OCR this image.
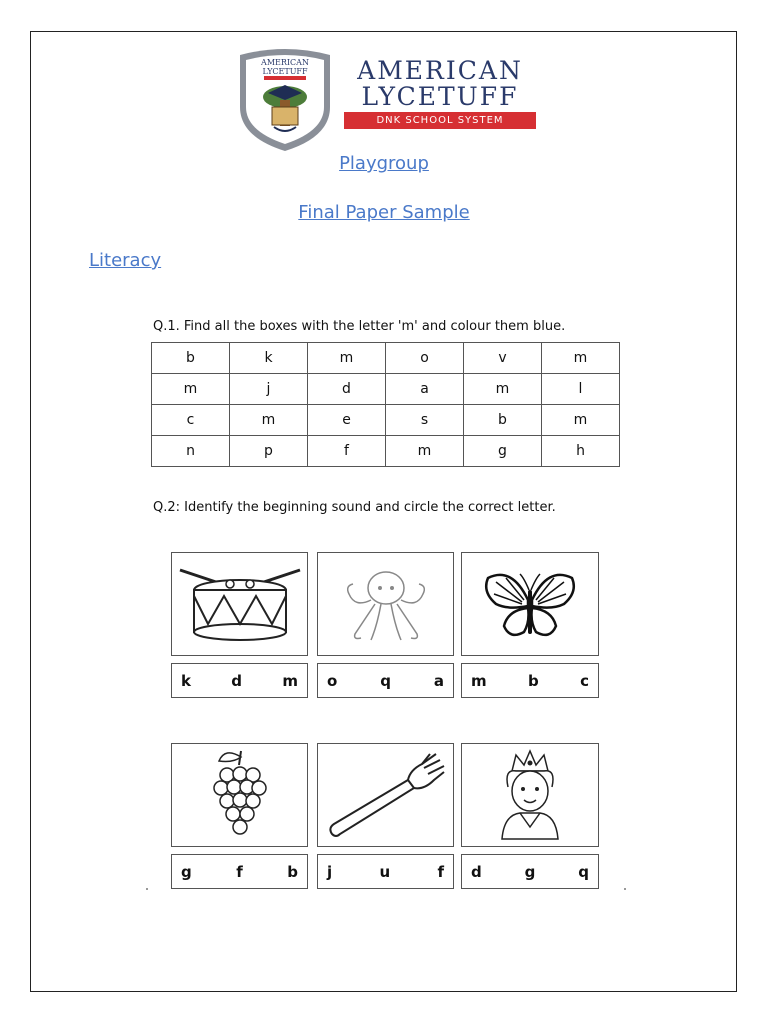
AMERICAN
LYCETUFF	AMERICAN
LYCETUFF
DNK SCHOOL SYSTEM
Playgroup
Final Paper Sample
Literacy
Q.1. Find all the boxes with the letter 'm' and colour them blue.
b	k	m	o	v	m
m	j	d	a	m	l
c	m	e	s	b	m
n	p	f	m	g	h
Q.2: Identify the beginning sound and circle the correct letter.
k	d	m o	q	a m	b	c
g	f	b j	u	f d	g	q
